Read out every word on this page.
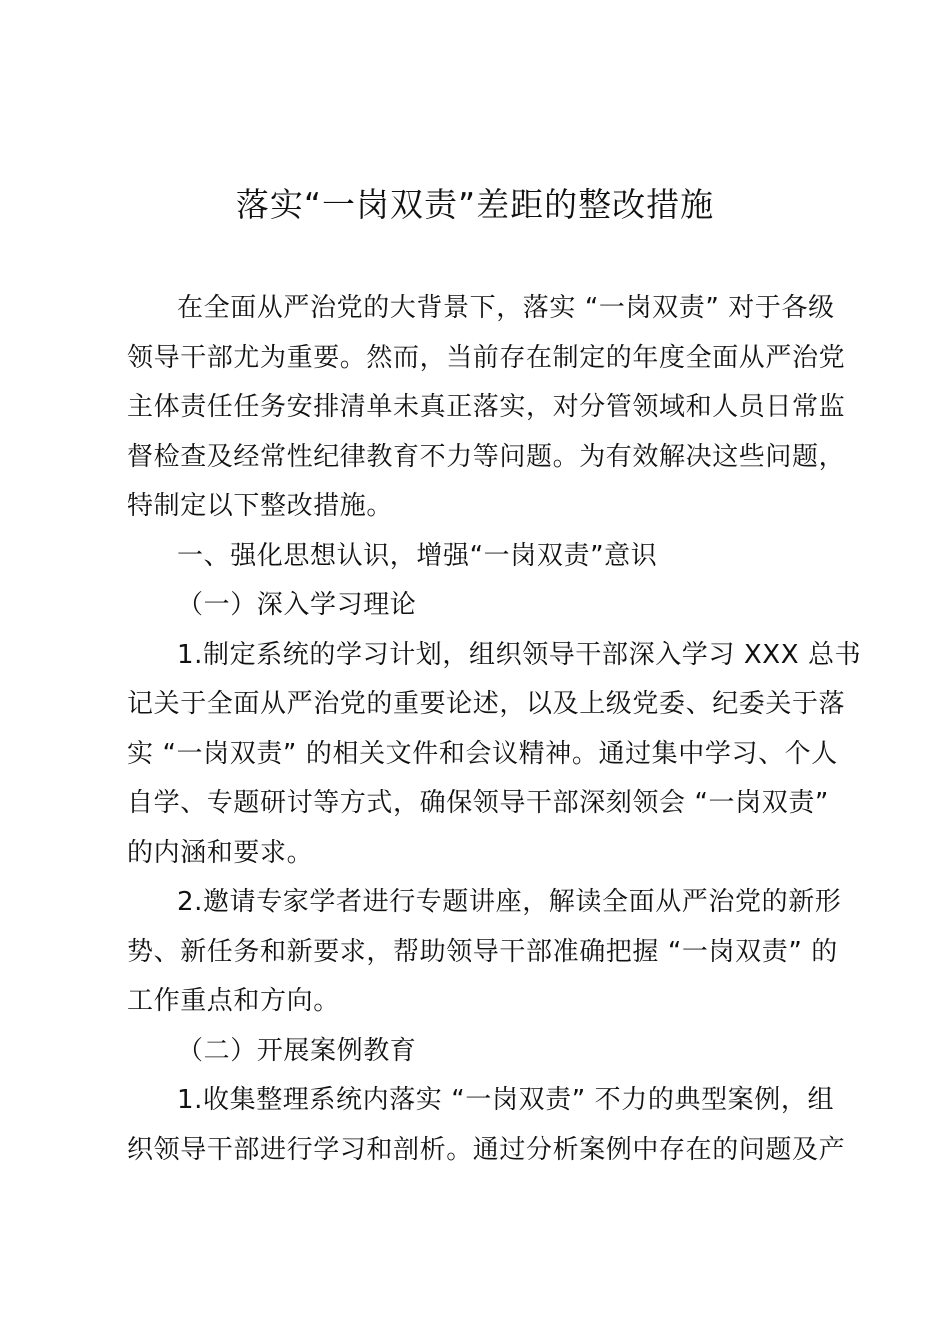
落实“一岗双责”差距的整改措施
在全面从严治党的大背景下，落实 “一岗双责” 对于各级
领导干部尤为重要。然而，当前存在制定的年度全面从严治党
主体责任任务安排清单未真正落实，对分管领域和人员日常监
督检查及经常性纪律教育不力等问题。为有效解决这些问题，
特制定以下整改措施。
一、强化思想认识，增强“一岗双责”意识
（一）深入学习理论
1.制定系统的学习计划，组织领导干部深入学习 XXX 总书
记关于全面从严治党的重要论述，以及上级党委、纪委关于落
实 “一岗双责” 的相关文件和会议精神。通过集中学习、个人
自学、专题研讨等方式，确保领导干部深刻领会 “一岗双责”
的内涵和要求。
2.邀请专家学者进行专题讲座，解读全面从严治党的新形
势、新任务和新要求，帮助领导干部准确把握 “一岗双责” 的
工作重点和方向。
（二）开展案例教育
1.收集整理系统内落实 “一岗双责” 不力的典型案例，组
织领导干部进行学习和剖析。通过分析案例中存在的问题及产
